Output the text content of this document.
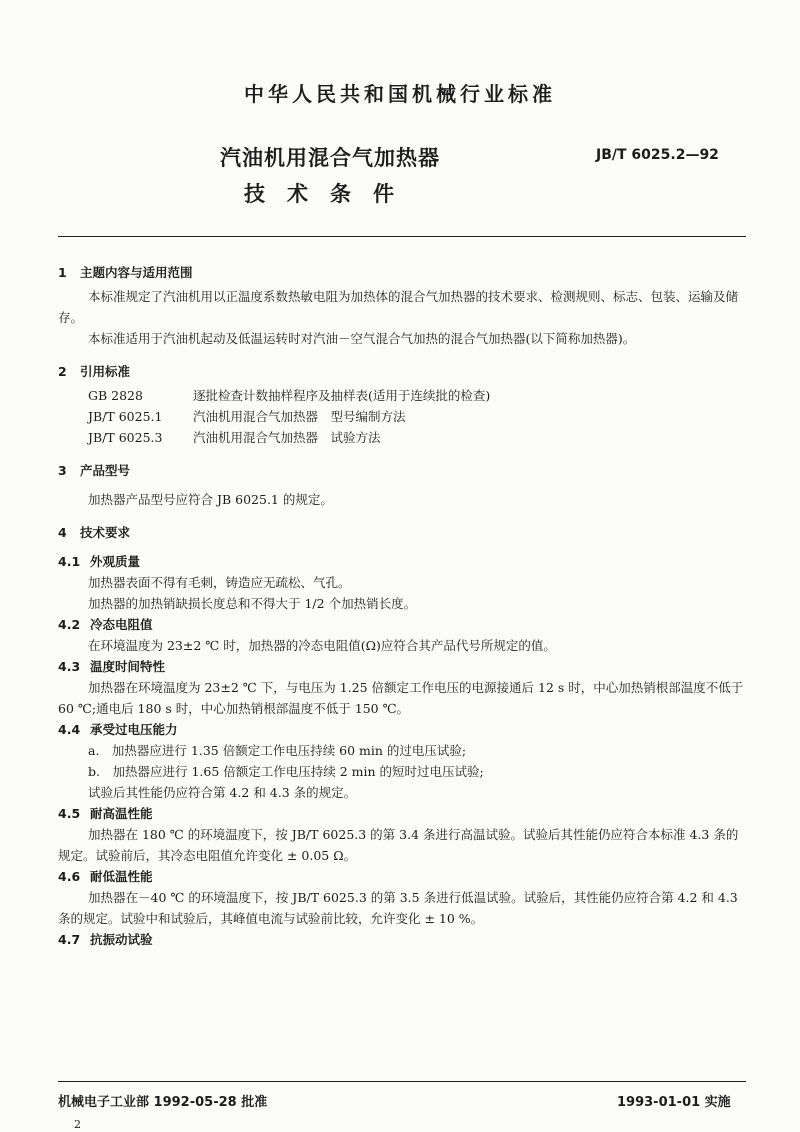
中华人民共和国机械行业标准
汽油机用混合气加热器
技术条件
JB/T 6025.2—92
1 主题内容与适用范围

本标准规定了汽油机用以正温度系数热敏电阻为加热体的混合气加热器的技术要求、检测规则、标志、包装、运输及储存。

本标准适用于汽油机起动及低温运转时对汽油－空气混合气加热的混合气加热器(以下简称加热器)。

2 引用标准
GB 2828	逐批检查计数抽样程序及抽样表(适用于连续批的检查)
JB/T 6025.1	汽油机用混合气加热器　型号编制方法
JB/T 6025.3	汽油机用混合气加热器　试验方法
3 产品型号

加热器产品型号应符合 JB 6025.1 的规定。

4 技术要求
4.1 外观质量

加热器表面不得有毛刺，铸造应无疏松、气孔。

加热器的加热销缺损长度总和不得大于 1/2 个加热销长度。

4.2 冷态电阻值

在环境温度为 23±2 ℃ 时，加热器的冷态电阻值(Ω)应符合其产品代号所规定的值。

4.3 温度时间特性

加热器在环境温度为 23±2 ℃ 下，与电压为 1.25 倍额定工作电压的电源接通后 12 s 时，中心加热销根部温度不低于 60 ℃;通电后 180 s 时，中心加热销根部温度不低于 150 ℃。

4.4 承受过电压能力

a.　加热器应进行 1.35 倍额定工作电压持续 60 min 的过电压试验;

b.　加热器应进行 1.65 倍额定工作电压持续 2 min 的短时过电压试验;

试验后其性能仍应符合第 4.2 和 4.3 条的规定。

4.5 耐高温性能

加热器在 180 ℃ 的环境温度下，按 JB/T 6025.3 的第 3.4 条进行高温试验。试验后其性能仍应符合本标准 4.3 条的规定。试验前后，其冷态电阻值允许变化 ± 0.05 Ω。

4.6 耐低温性能

加热器在－40 ℃ 的环境温度下，按 JB/T 6025.3 的第 3.5 条进行低温试验。试验后，其性能仍应符合第 4.2 和 4.3 条的规定。试验中和试验后，其峰值电流与试验前比较，允许变化 ± 10 %。

4.7 抗振动试验
机械电子工业部 1992-05-28 批准	1993-01-01 实施
2
